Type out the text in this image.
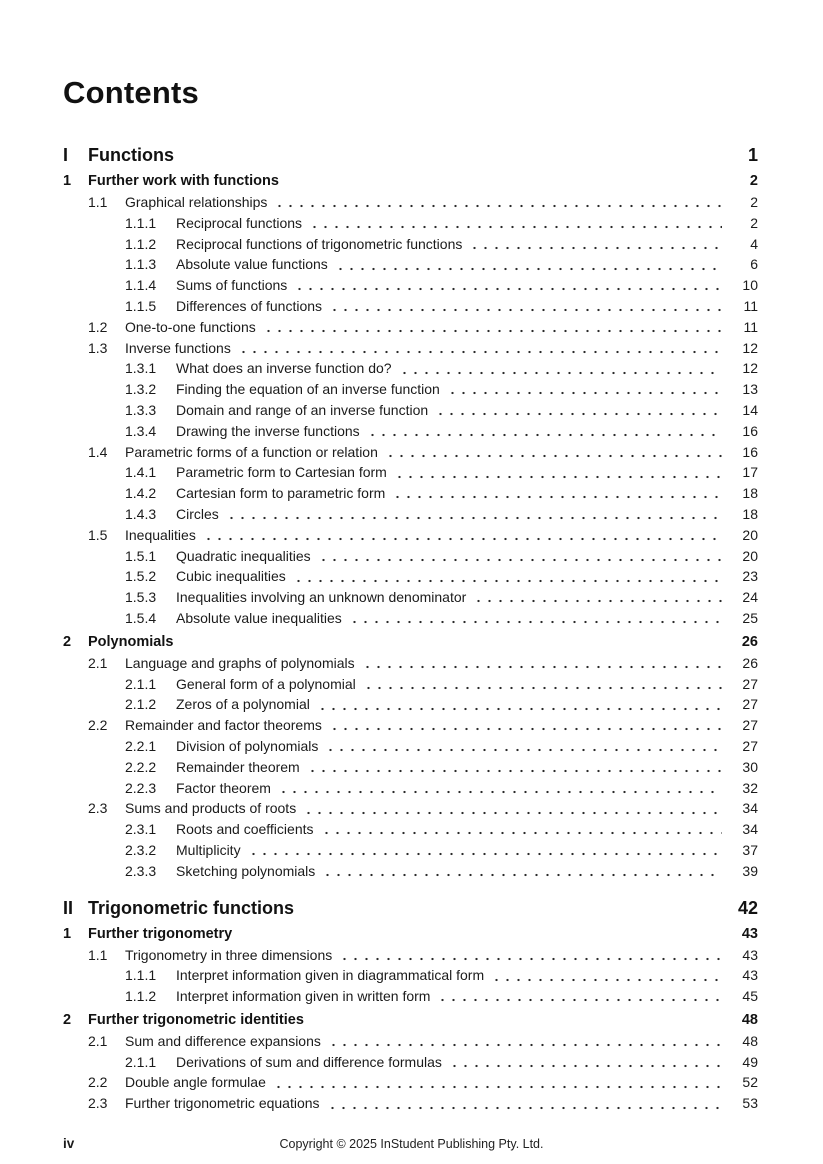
Contents
I	Functions	1
1	Further work with functions	2
1.1	Graphical relationships	2
1.1.1	Reciprocal functions	2
1.1.2	Reciprocal functions of trigonometric functions	4
1.1.3	Absolute value functions	6
1.1.4	Sums of functions	10
1.1.5	Differences of functions	11
1.2	One-to-one functions	11
1.3	Inverse functions	12
1.3.1	What does an inverse function do?	12
1.3.2	Finding the equation of an inverse function	13
1.3.3	Domain and range of an inverse function	14
1.3.4	Drawing the inverse functions	16
1.4	Parametric forms of a function or relation	16
1.4.1	Parametric form to Cartesian form	17
1.4.2	Cartesian form to parametric form	18
1.4.3	Circles	18
1.5	Inequalities	20
1.5.1	Quadratic inequalities	20
1.5.2	Cubic inequalities	23
1.5.3	Inequalities involving an unknown denominator	24
1.5.4	Absolute value inequalities	25
2	Polynomials	26
2.1	Language and graphs of polynomials	26
2.1.1	General form of a polynomial	27
2.1.2	Zeros of a polynomial	27
2.2	Remainder and factor theorems	27
2.2.1	Division of polynomials	27
2.2.2	Remainder theorem	30
2.2.3	Factor theorem	32
2.3	Sums and products of roots	34
2.3.1	Roots and coefficients	34
2.3.2	Multiplicity	37
2.3.3	Sketching polynomials	39
II Trigonometric functions	42
1	Further trigonometry	43
1.1	Trigonometry in three dimensions	43
1.1.1	Interpret information given in diagrammatical form	43
1.1.2	Interpret information given in written form	45
2	Further trigonometric identities	48
2.1	Sum and difference expansions	48
2.1.1	Derivations of sum and difference formulas	49
2.2	Double angle formulae	52
2.3	Further trigonometric equations	53
iv	Copyright © 2025 InStudent Publishing Pty. Ltd.
